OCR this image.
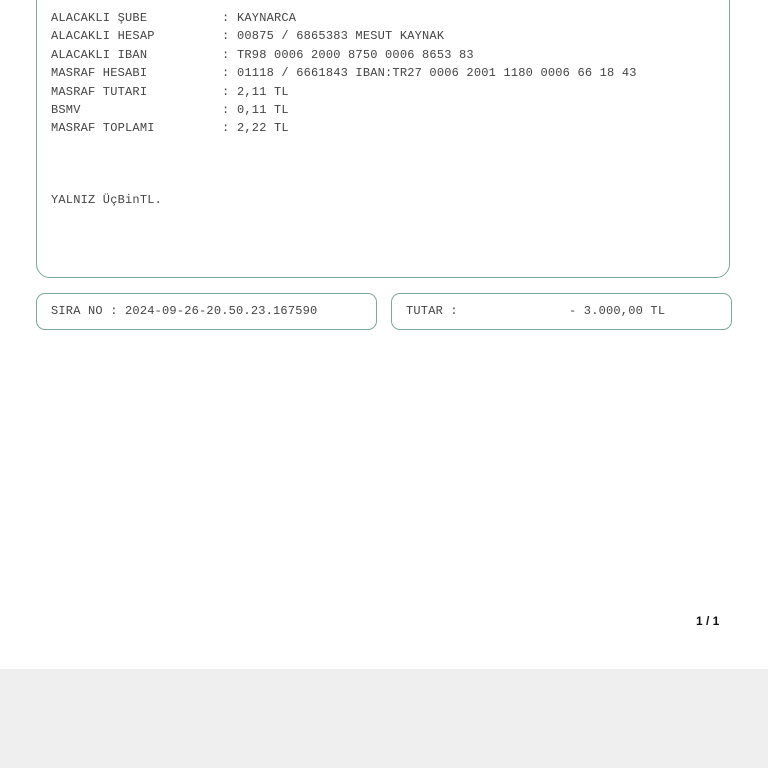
ALACAKLI ŞUBE	: KAYNARCA
ALACAKLI HESAP	: 00875 / 6865383 MESUT KAYNAK
ALACAKLI IBAN	: TR98 0006 2000 8750 0006 8653 83
MASRAF HESABI	: 01118 / 6661843 IBAN:TR27 0006 2001 1180 0006 66 18 43
MASRAF TUTARI	: 2,11 TL
BSMV	: 0,11 TL
MASRAF TOPLAMI	: 2,22 TL
YALNIZ ÜçBinTL.
SIRA NO : 2024-09-26-20.50.23.167590	TUTAR :	- 3.000,00 TL
1 / 1
